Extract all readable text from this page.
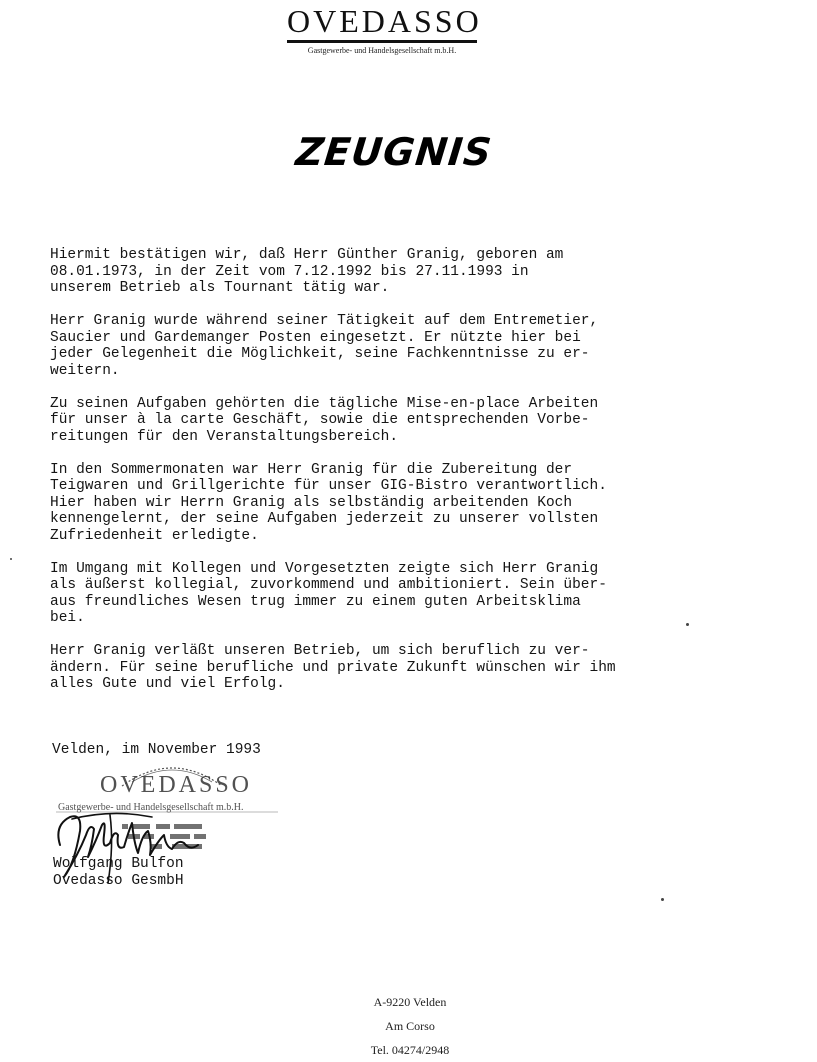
OVEDASSO
Gastgewerbe- und Handelsgesellschaft m.b.H.
ZEUGNIS
Hiermit bestätigen wir, daß Herr Günther Granig, geboren am
08.01.1973, in der Zeit vom 7.12.1992 bis 27.11.1993 in
unserem Betrieb als Tournant tätig war.
Herr Granig wurde während seiner Tätigkeit auf dem Entremetier,
Saucier und Gardemanger Posten eingesetzt. Er nützte hier bei
jeder Gelegenheit die Möglichkeit, seine Fachkenntnisse zu er-
weitern.
Zu seinen Aufgaben gehörten die tägliche Mise-en-place Arbeiten
für unser à la carte Geschäft, sowie die entsprechenden Vorbe-
reitungen für den Veranstaltungsbereich.
In den Sommermonaten war Herr Granig für die Zubereitung der
Teigwaren und Grillgerichte für unser GIG-Bistro verantwortlich.
Hier haben wir Herrn Granig als selbständig arbeitenden Koch
kennengelernt, der seine Aufgaben jederzeit zu unserer vollsten
Zufriedenheit erledigte.
Im Umgang mit Kollegen und Vorgesetzten zeigte sich Herr Granig
als äußerst kollegial, zuvorkommend und ambitioniert. Sein über-
aus freundliches Wesen trug immer zu einem guten Arbeitsklima
bei.
Herr Granig verläßt unseren Betrieb, um sich beruflich zu ver-
ändern. Für seine berufliche und private Zukunft wünschen wir ihm
alles Gute und viel Erfolg.
Velden, im November 1993
OVEDASSO
Gastgewerbe- und Handelsgesellschaft m.b.H.
Wolfgang Bulfon
Ovedasso GesmbH
A-9220 Velden
Am Corso
Tel. 04274/2948
